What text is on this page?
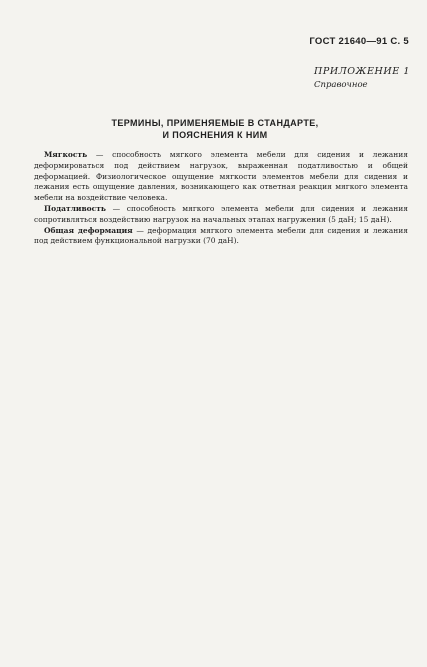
ГОСТ 21640—91 С. 5
ПРИЛОЖЕНИЕ 1
Справочное
ТЕРМИНЫ, ПРИМЕНЯЕМЫЕ В СТАНДАРТЕ,
И ПОЯСНЕНИЯ К НИМ

Мягкость — способность мягкого элемента мебели для сидения и лежания деформироваться под действием нагрузок, выраженная податливостью и общей деформацией. Физиологическое ощущение мягкости элементов мебели для сидения и лежания есть ощущение давления, возникающего как ответная реакция мягкого элемента мебели на воздействие человека.

Податливость — способность мягкого элемента мебели для сидения и лежания сопротивляться воздействию нагрузок на начальных этапах нагружения (5 даН; 15 даН).

Общая деформация — деформация мягкого элемента мебели для сидения и лежания под действием функциональной нагрузки (70 даН).
